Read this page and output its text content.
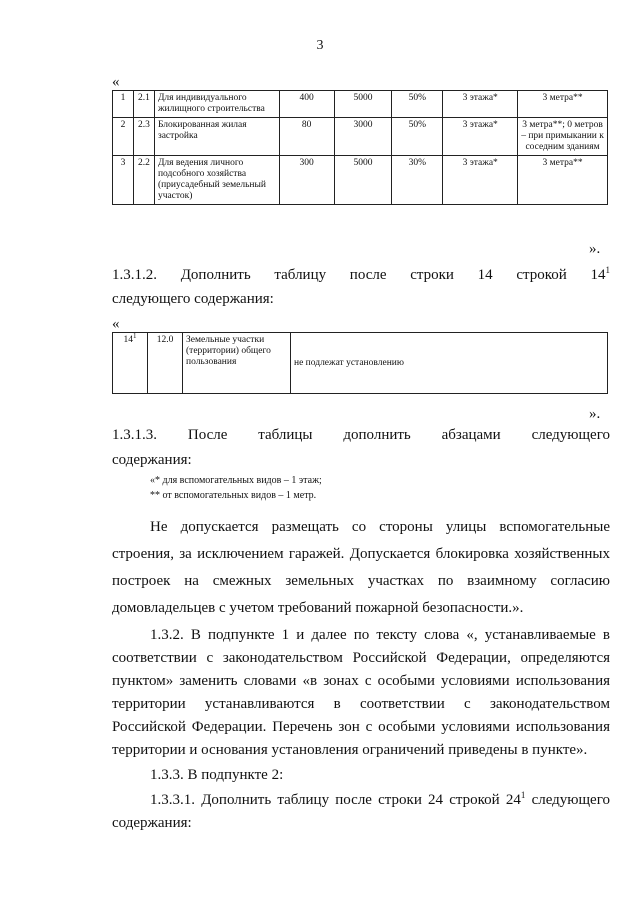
3
«
1	2.1	Для индивидуального жилищного строительства	400	5000	50%	3 этажа*	3 метра**
2	2.3	Блокированная жилая застройка	80	3000	50%	3 этажа*	3 метра**; 0 метров – при примыкании к соседним зданиям
3	2.2	Для ведения личного подсобного хозяйства (приусадебный земельный участок)	300	5000	30%	3 этажа*	3 метра**
».
1.3.1.2. Дополнить таблицу после строки 14 строкой $14^1$
следующего содержания:
«
$14^1$	12.0	Земельные участки (территории) общего пользования	не подлежат установлению
».
1.3.1.3. После таблицы дополнить абзацами следующего
содержания:
«* для вспомогательных видов – 1 этаж;
** от вспомогательных видов – 1 метр.
Не допускается размещать со стороны улицы вспомогательные
строения, за исключением гаражей. Допускается блокировка хозяйственных
построек на смежных земельных участках по взаимному согласию
домовладельцев с учетом требований пожарной безопасности.».
1.3.2. В подпункте 1 и далее по тексту слова «, устанавливаемые в
соответствии с законодательством Российской Федерации, определяются
пунктом» заменить словами «в зонах с особыми условиями использования
территории устанавливаются в соответствии с законодательством
Российской Федерации. Перечень зон с особыми условиями использования
территории и основания установления ограничений приведены в пункте».
1.3.3. В подпункте 2:
1.3.3.1. Дополнить таблицу после строки 24 строкой $24^1$ следующего
содержания:
